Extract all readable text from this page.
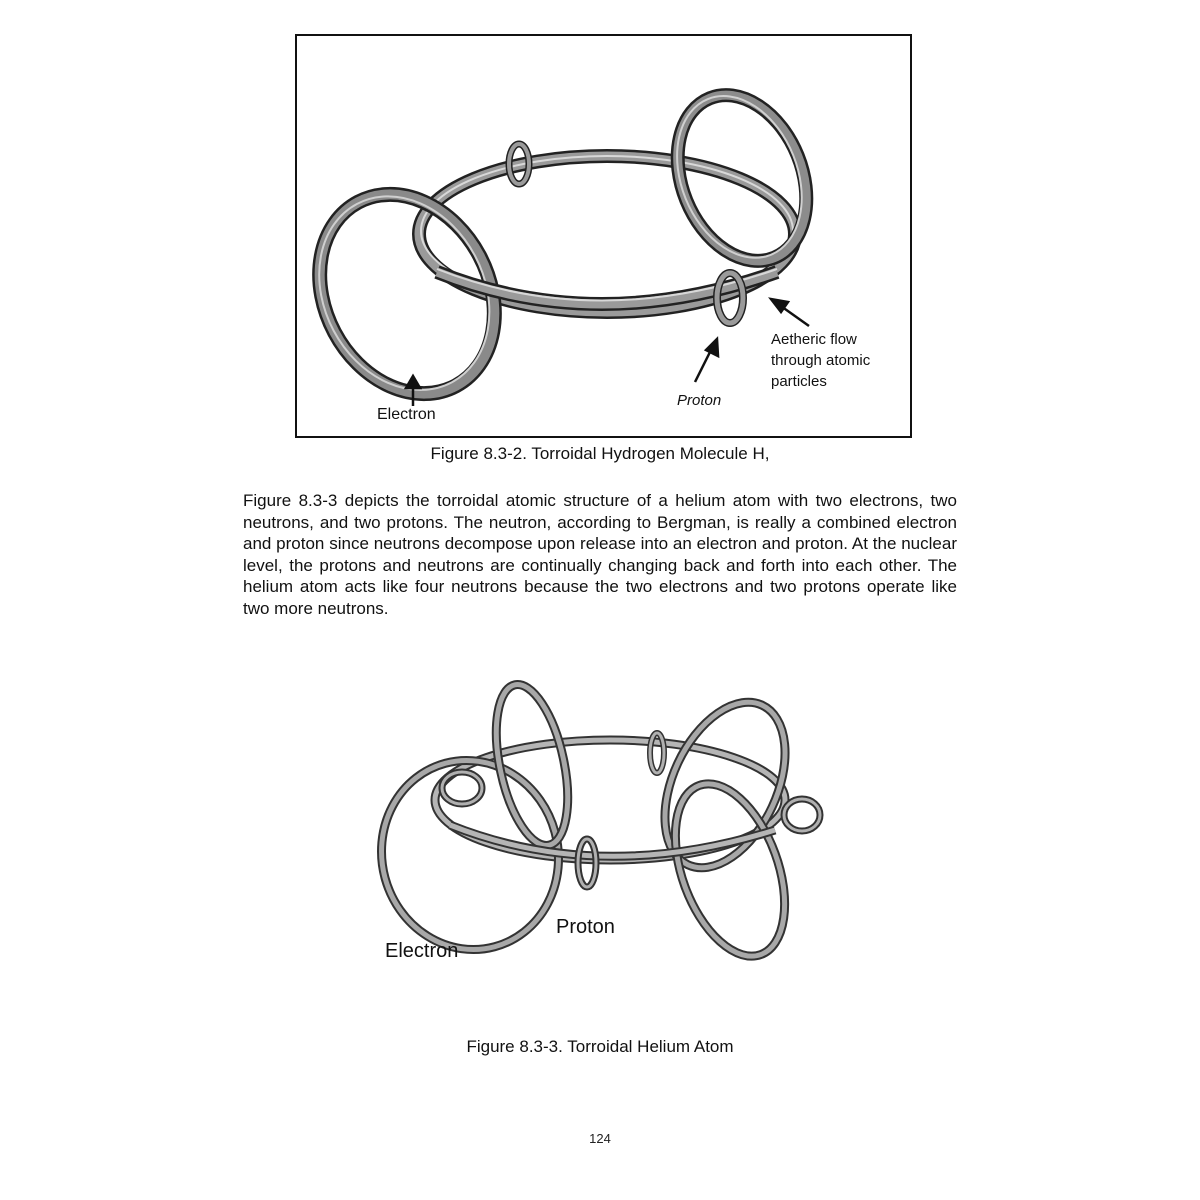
Electron
Proton
Aetheric flow
through atomic
particles
Figure 8.3-2. Torroidal Hydrogen Molecule H,
Figure 8.3-3 depicts the torroidal atomic structure of a helium atom with two electrons, two neutrons, and two protons. The neutron, according to Bergman, is really a combined electron and proton since neutrons decompose upon release into an electron and proton. At the nuclear level, the protons and neutrons are continually changing back and forth into each other. The helium atom acts like four neutrons because the two electrons and two protons operate like two more neutrons.
Electron
Proton
Figure 8.3-3. Torroidal Helium Atom
124
